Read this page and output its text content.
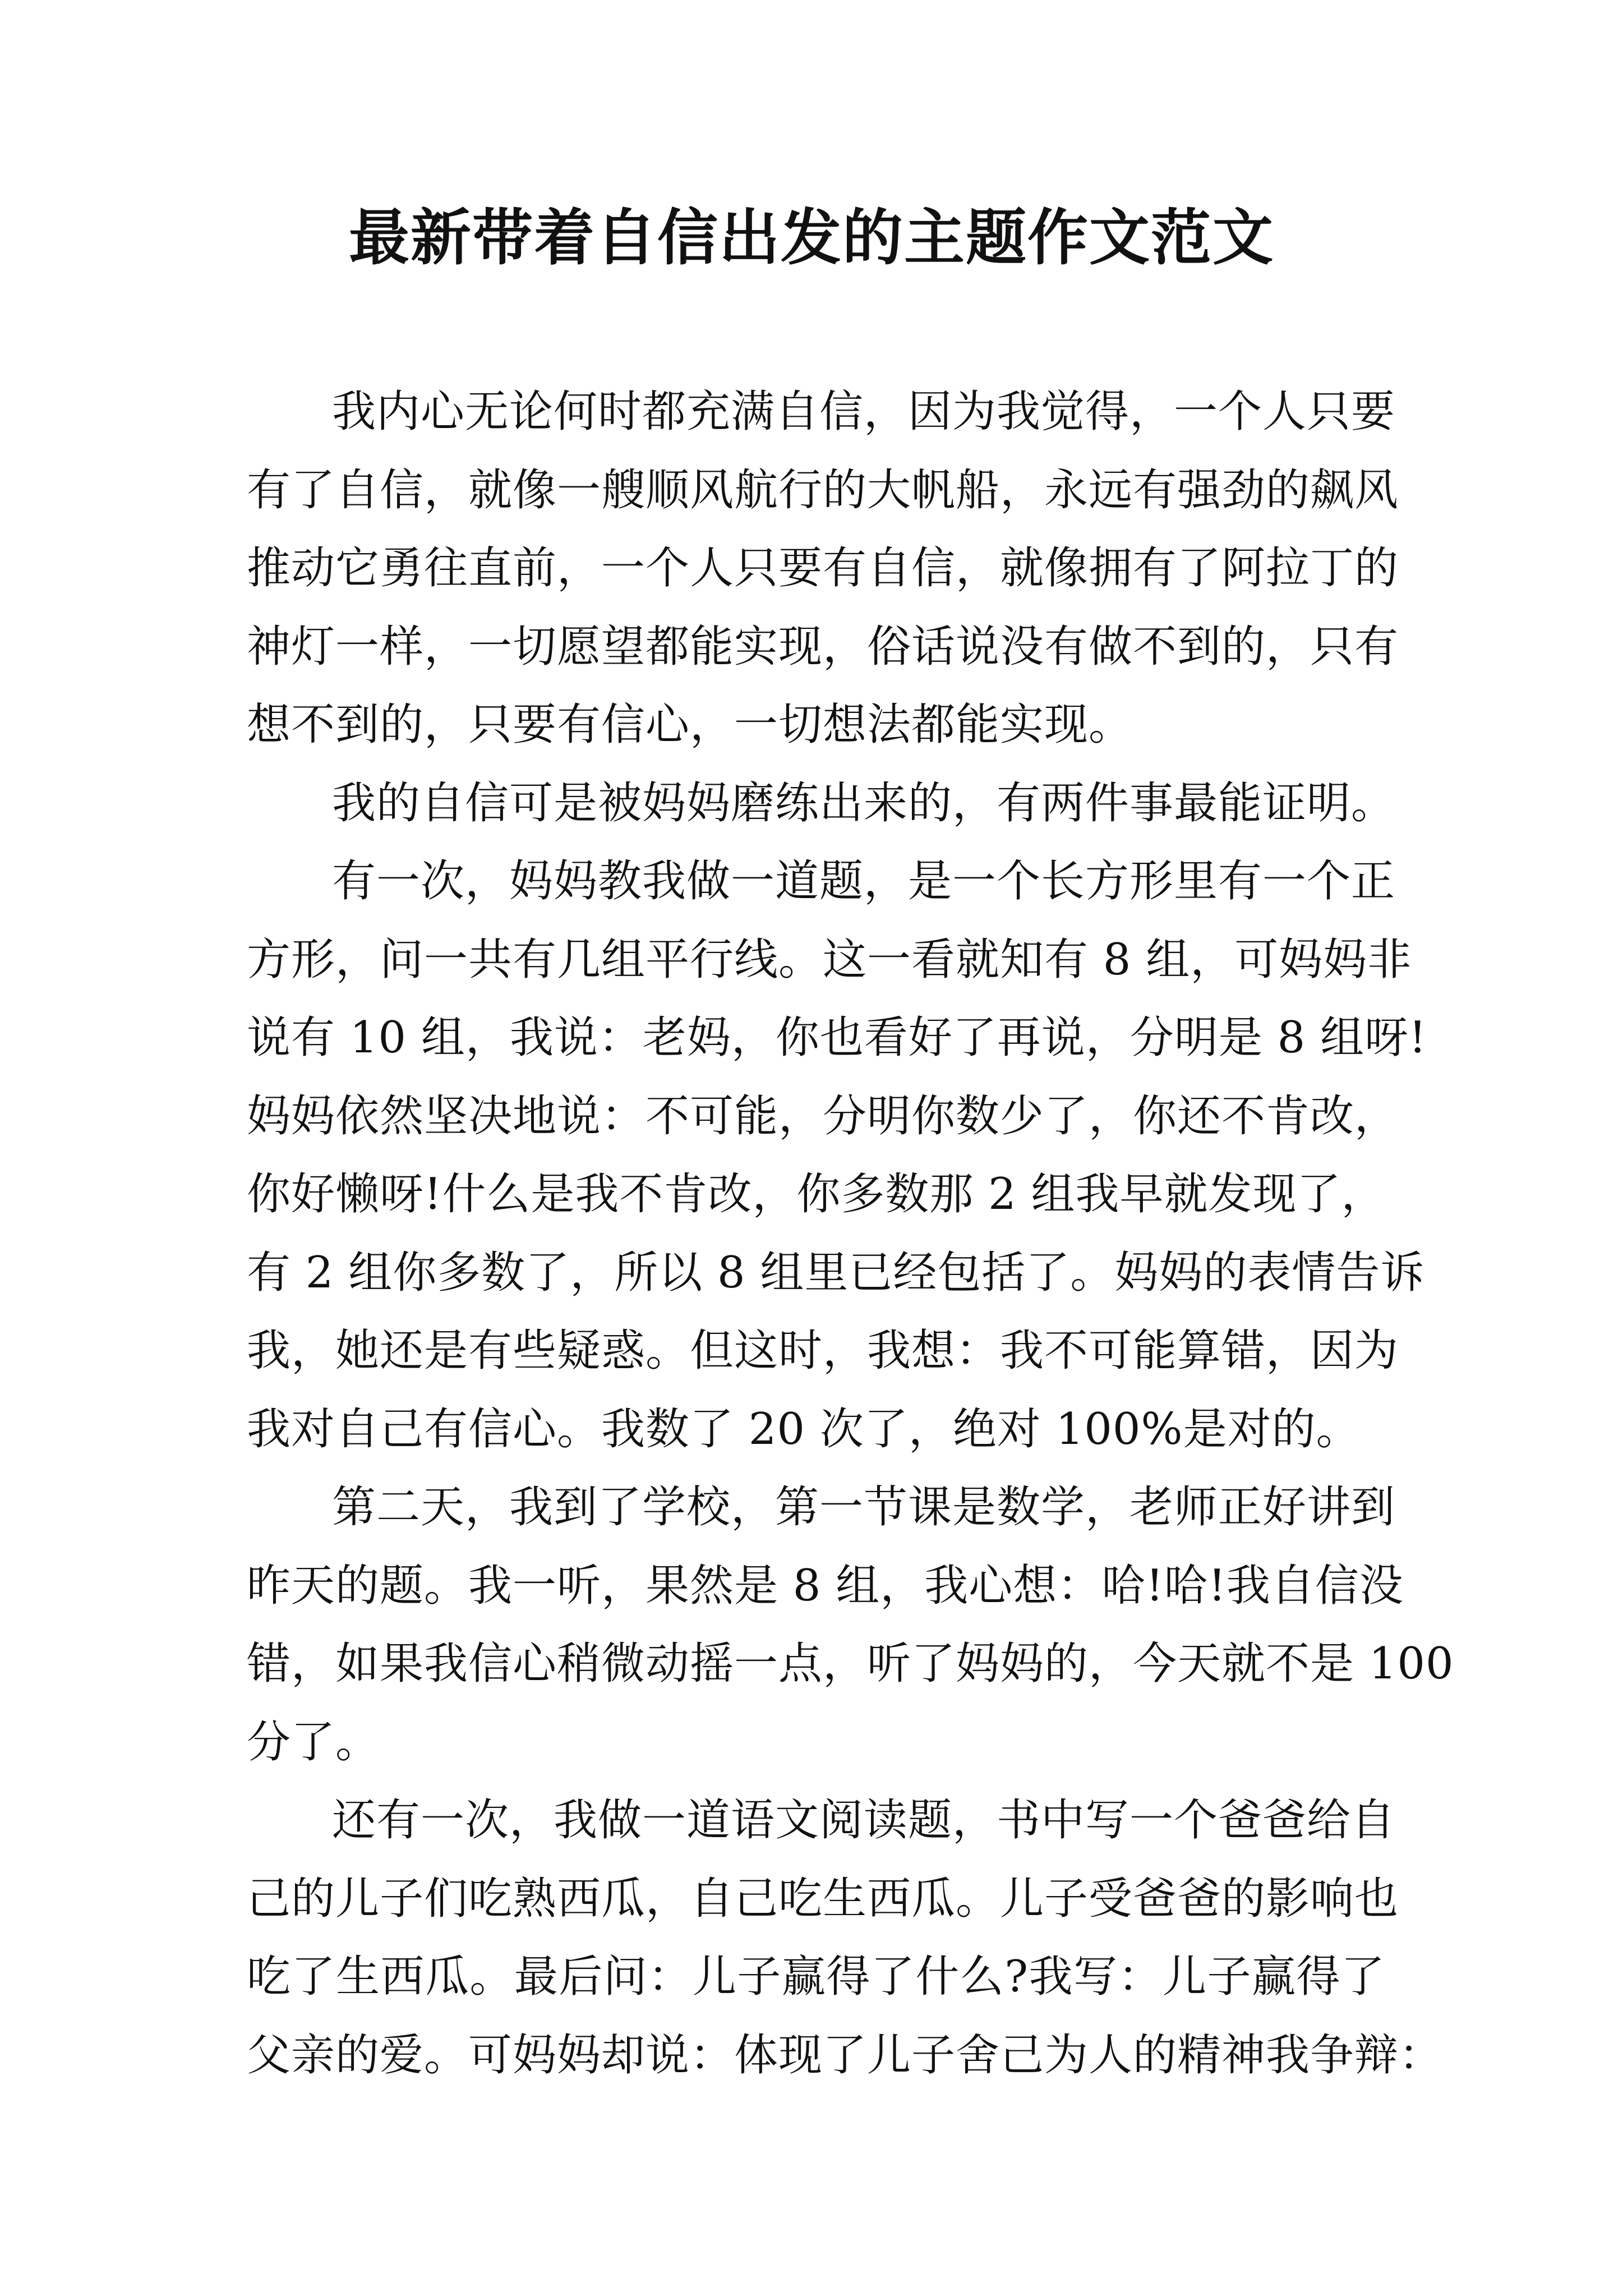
最新带着自信出发的主题作文范文

我内心无论何时都充满自信，因为我觉得，一个人只要
有了自信，就像一艘顺风航行的大帆船，永远有强劲的飙风
推动它勇往直前，一个人只要有自信，就像拥有了阿拉丁的
神灯一样，一切愿望都能实现，俗话说没有做不到的，只有
想不到的，只要有信心，一切想法都能实现。

我的自信可是被妈妈磨练出来的，有两件事最能证明。

有一次，妈妈教我做一道题，是一个长方形里有一个正
方形，问一共有几组平行线。这一看就知有 8 组，可妈妈非
说有 10 组，我说：老妈，你也看好了再说，分明是 8 组呀!
妈妈依然坚决地说：不可能，分明你数少了，你还不肯改，
你好懒呀!什么是我不肯改，你多数那 2 组我早就发现了，
有 2 组你多数了，所以 8 组里已经包括了。妈妈的表情告诉
我，她还是有些疑惑。但这时，我想：我不可能算错，因为
我对自己有信心。我数了 20 次了，绝对 100%是对的。

第二天，我到了学校，第一节课是数学，老师正好讲到
昨天的题。我一听，果然是 8 组，我心想：哈!哈!我自信没
错，如果我信心稍微动摇一点，听了妈妈的，今天就不是 100
分了。

还有一次，我做一道语文阅读题，书中写一个爸爸给自
己的儿子们吃熟西瓜，自己吃生西瓜。儿子受爸爸的影响也
吃了生西瓜。最后问：儿子赢得了什么?我写：儿子赢得了
父亲的爱。可妈妈却说：体现了儿子舍己为人的精神我争辩：
